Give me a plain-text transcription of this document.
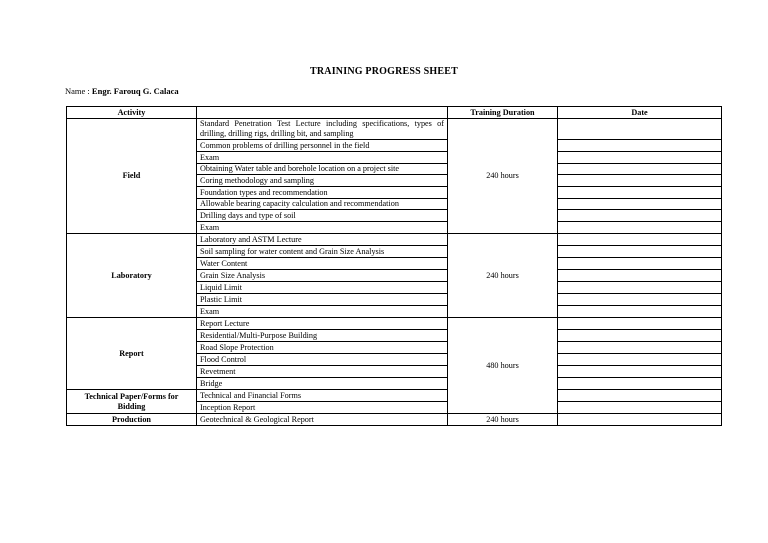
TRAINING PROGRESS SHEET
Name : Engr. Farouq G. Calaca
Activity		Training Duration	Date
Field	Standard Penetration Test Lecture including specifications, types of drilling, drilling rigs, drilling bit, and sampling	240 hours	
	Common problems of drilling personnel in the field		
	Exam		
	Obtaining Water table and borehole location on a project site		
	Coring methodology and sampling		
	Foundation types and recommendation		
	Allowable bearing capacity calculation and recommendation		
	Drilling days and type of soil		
	Exam		
Laboratory	Laboratory and ASTM Lecture	240 hours	
	Soil sampling for water content and Grain Size Analysis		
	Water Content		
	Grain Size Analysis		
	Liquid Limit		
	Plastic Limit		
	Exam		
Report	Report Lecture	480 hours	
	Residential/Multi-Purpose Building		
	Road Slope Protection		
	Flood Control		
	Revetment		
	Bridge		
Technical Paper/Forms for Bidding	Technical and Financial Forms		
	Inception Report		
Production	Geotechnical & Geological Report	240 hours	
